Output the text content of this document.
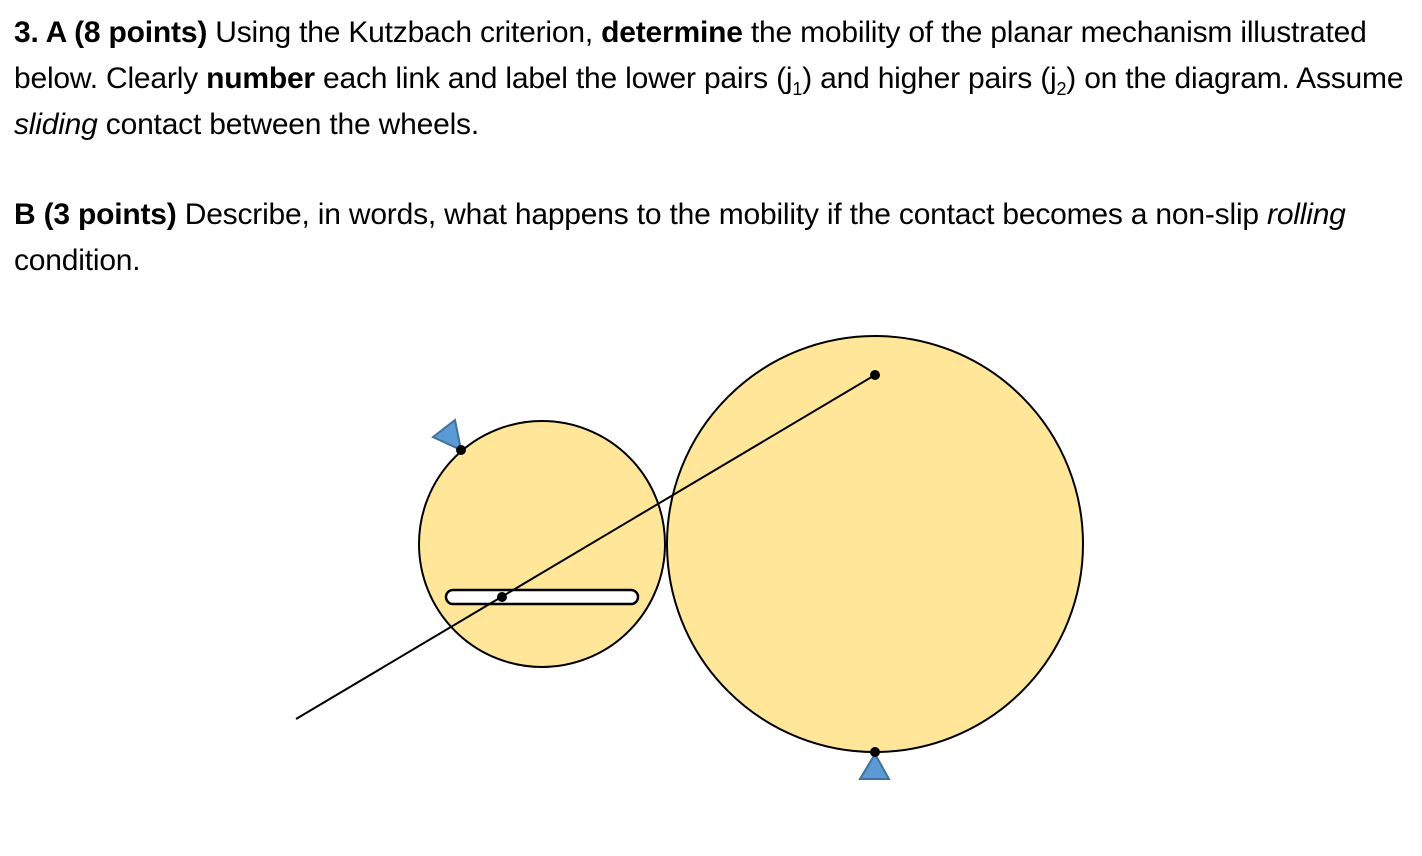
3. A (8 points) Using the Kutzbach criterion, determine the mobility of the planar mechanism illustrated below. Clearly number each link and label the lower pairs $(j_1)$ and higher pairs $(j_2)$ on the diagram. Assume sliding contact between the wheels.

B (3 points) Describe, in words, what happens to the mobility if the contact becomes a non-slip rolling condition.
